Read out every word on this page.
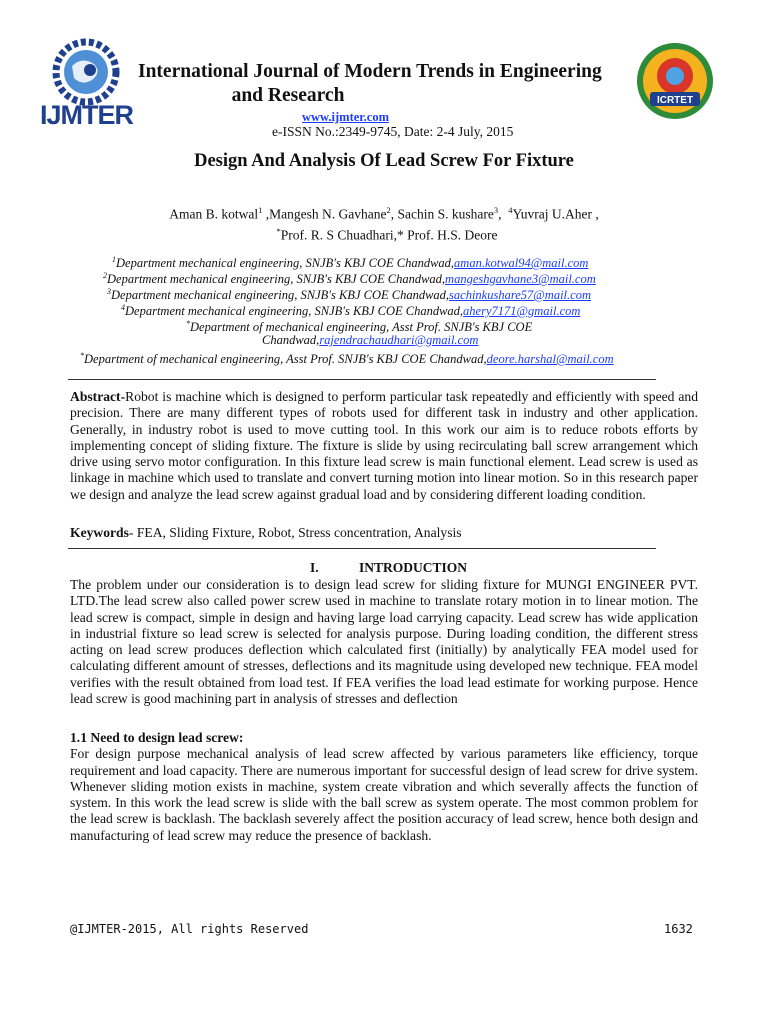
IJMTER
International Journal of Modern Trends in Engineering
and Research
www.ijmter.com
e-ISSN No.:2349-9745, Date: 2-4 July, 2015
ICRTET
Design And Analysis Of Lead Screw For Fixture
Aman B. kotwal$^1$ ,Mangesh N. Gavhane$^2$, Sachin S. kushare$^3$,  $^4$Yuvraj U.Aher ,
*Prof. R. S Chuadhari,* Prof. H.S. Deore
$^1$Department mechanical engineering, SNJB's KBJ COE Chandwad,aman.kotwal94@mail.com
$^2$Department mechanical engineering, SNJB's KBJ COE Chandwad,mangeshgavhane3@mail.com
$^3$Department mechanical engineering, SNJB's KBJ COE Chandwad,sachinkushare57@mail.com
$^4$Department mechanical engineering, SNJB's KBJ COE Chandwad,ahery7171@gmail.com
*Department of mechanical engineering, Asst Prof. SNJB's KBJ COE
Chandwad,rajendrachaudhari@gmail.com
*Department of mechanical engineering, Asst Prof. SNJB's KBJ COE Chandwad,deore.harshal@mail.com

Abstract-Robot is machine which is designed to perform particular task repeatedly and efficiently with speed and precision. There are many different types of robots used for different task in industry and other application. Generally, in industry robot is used to move cutting tool. In this work our aim is to reduce robots efforts by implementing concept of sliding fixture. The fixture is slide by using recirculating ball screw arrangement which drive using servo motor configuration. In this fixture lead screw is main functional element. Lead screw is used as linkage in machine which used to translate and convert turning motion into linear motion. So in this research paper we design and analyze the lead screw against gradual load and by considering different loading condition.

Keywords- FEA, Sliding Fixture, Robot, Stress concentration, Analysis

I.	INTRODUCTION

The problem under our consideration is to design lead screw for sliding fixture for MUNGI ENGINEER PVT. LTD.The lead screw also called power screw used in machine to translate rotary motion in to linear motion. The lead screw is compact, simple in design and having large load carrying capacity. Lead screw has wide application in industrial fixture so lead screw is selected for analysis purpose. During loading condition, the different stress acting on lead screw produces deflection which calculated first (initially) by analytically FEA model used for calculating different amount of stresses, deflections and its magnitude using developed new technique. FEA model verifies with the result obtained from load test. If FEA verifies the load lead estimate for working purpose. Hence lead screw is good machining part in analysis of stresses and deflection

1.1 Need to design lead screw:

For design purpose mechanical analysis of lead screw affected by various parameters like efficiency, torque requirement and load capacity. There are numerous important for successful design of lead screw for drive system. Whenever sliding motion exists in machine, system create vibration and which severally affects the function of system. In this work the lead screw is slide with the ball screw as system operate. The most common problem for the lead screw is backlash. The backlash severely affect the position accuracy of lead screw, hence both design and manufacturing of lead screw may reduce the presence of backlash.

@IJMTER-2015, All rights Reserved	1632
